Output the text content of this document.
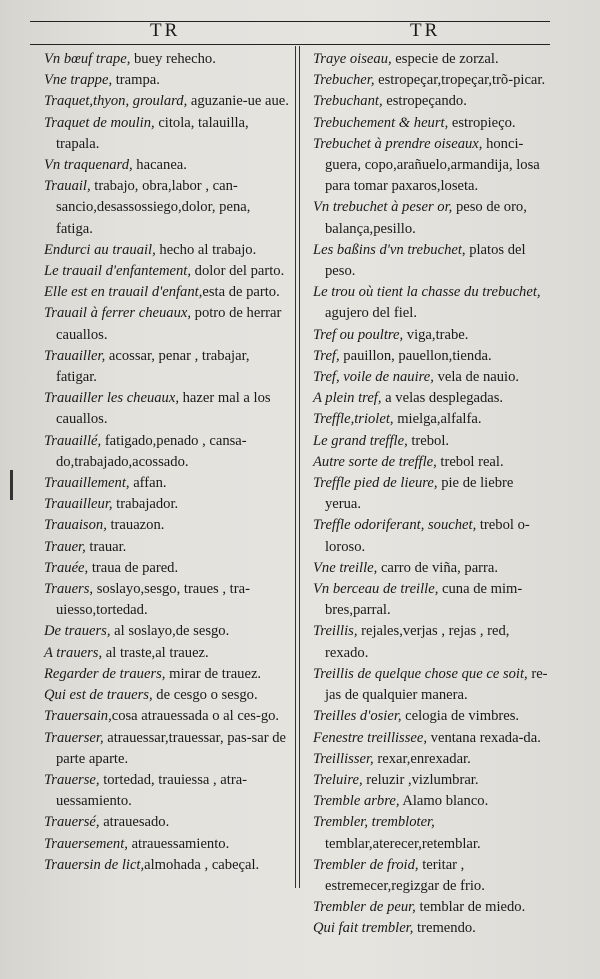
TR	TR

Vn bœuf trape, buey rehecho.

Vne trappe, trampa.

Traquet,thyon, groulard, aguzanie-ue aue.

Traquet de moulin, citola, talauilla, trapala.

Vn traquenard, hacanea.

Trauail, trabajo, obra,labor , can-sancio,desassossiego,dolor, pena, fatiga.

Endurci au trauail, hecho al trabajo.

Le trauail d'enfantement, dolor del parto.

Elle est en trauail d'enfant,esta de parto.

Trauail à ferrer cheuaux, potro de herrar cauallos.

Trauailler, acossar, penar , trabajar, fatigar.

Trauailler les cheuaux, hazer mal a los cauallos.

Trauaillé, fatigado,penado , cansa-do,trabajado,acossado.

Trauaillement, affan.

Trauailleur, trabajador.

Trauaison, trauazon.

Trauer, trauar.

Trauée, traua de pared.

Trauers, soslayo,sesgo, traues , tra-uiesso,tortedad.

De trauers, al soslayo,de sesgo.

A trauers, al traste,al trauez.

Regarder de trauers, mirar de trauez.

Qui est de trauers, de cesgo o sesgo.

Trauersain,cosa atrauessada o al ces-go.

Trauerser, atrauessar,trauessar, pas-sar de parte aparte.

Trauerse, tortedad, trauiessa , atra-uessamiento.

Trauersé, atrauesado.

Trauersement, atrauessamiento.

Trauersin de lict,almohada , cabeçal.

Traye oiseau, especie de zorzal.

Trebucher, estropeçar,tropeçar,trõ-picar.

Trebuchant, estropeçando.

Trebuchement & heurt, estropieço.

Trebuchet à prendre oiseaux, honci-guera, copo,arañuelo,armandija, losa para tomar paxaros,loseta.

Vn trebuchet à peser or, peso de oro, balança,pesillo.

Les baßins d'vn trebuchet, platos del peso.

Le trou où tient la chasse du trebuchet, agujero del fiel.

Tref ou poultre, viga,trabe.

Tref, pauillon, pauellon,tienda.

Tref, voile de nauire, vela de nauio.

A plein tref, a velas desplegadas.

Treffle,triolet, mielga,alfalfa.

Le grand treffle, trebol.

Autre sorte de treffle, trebol real.

Treffle pied de lieure, pie de liebre yerua.

Treffle odoriferant, souchet, trebol o-loroso.

Vne treille, carro de viña, parra.

Vn berceau de treille, cuna de mim-bres,parral.

Treillis, rejales,verjas , rejas , red, rexado.

Treillis de quelque chose que ce soit, re-jas de qualquier manera.

Treilles d'osier, celogia de vimbres.

Fenestre treillissee, ventana rexada-da.

Treillisser, rexar,enrexadar.

Treluire, reluzir ,vizlumbrar.

Tremble arbre, Alamo blanco.

Trembler, trembloter, temblar,aterecer,retemblar.

Trembler de froid, teritar , estremecer,regizgar de frio.

Trembler de peur, temblar de miedo.

Qui fait trembler, tremendo.
